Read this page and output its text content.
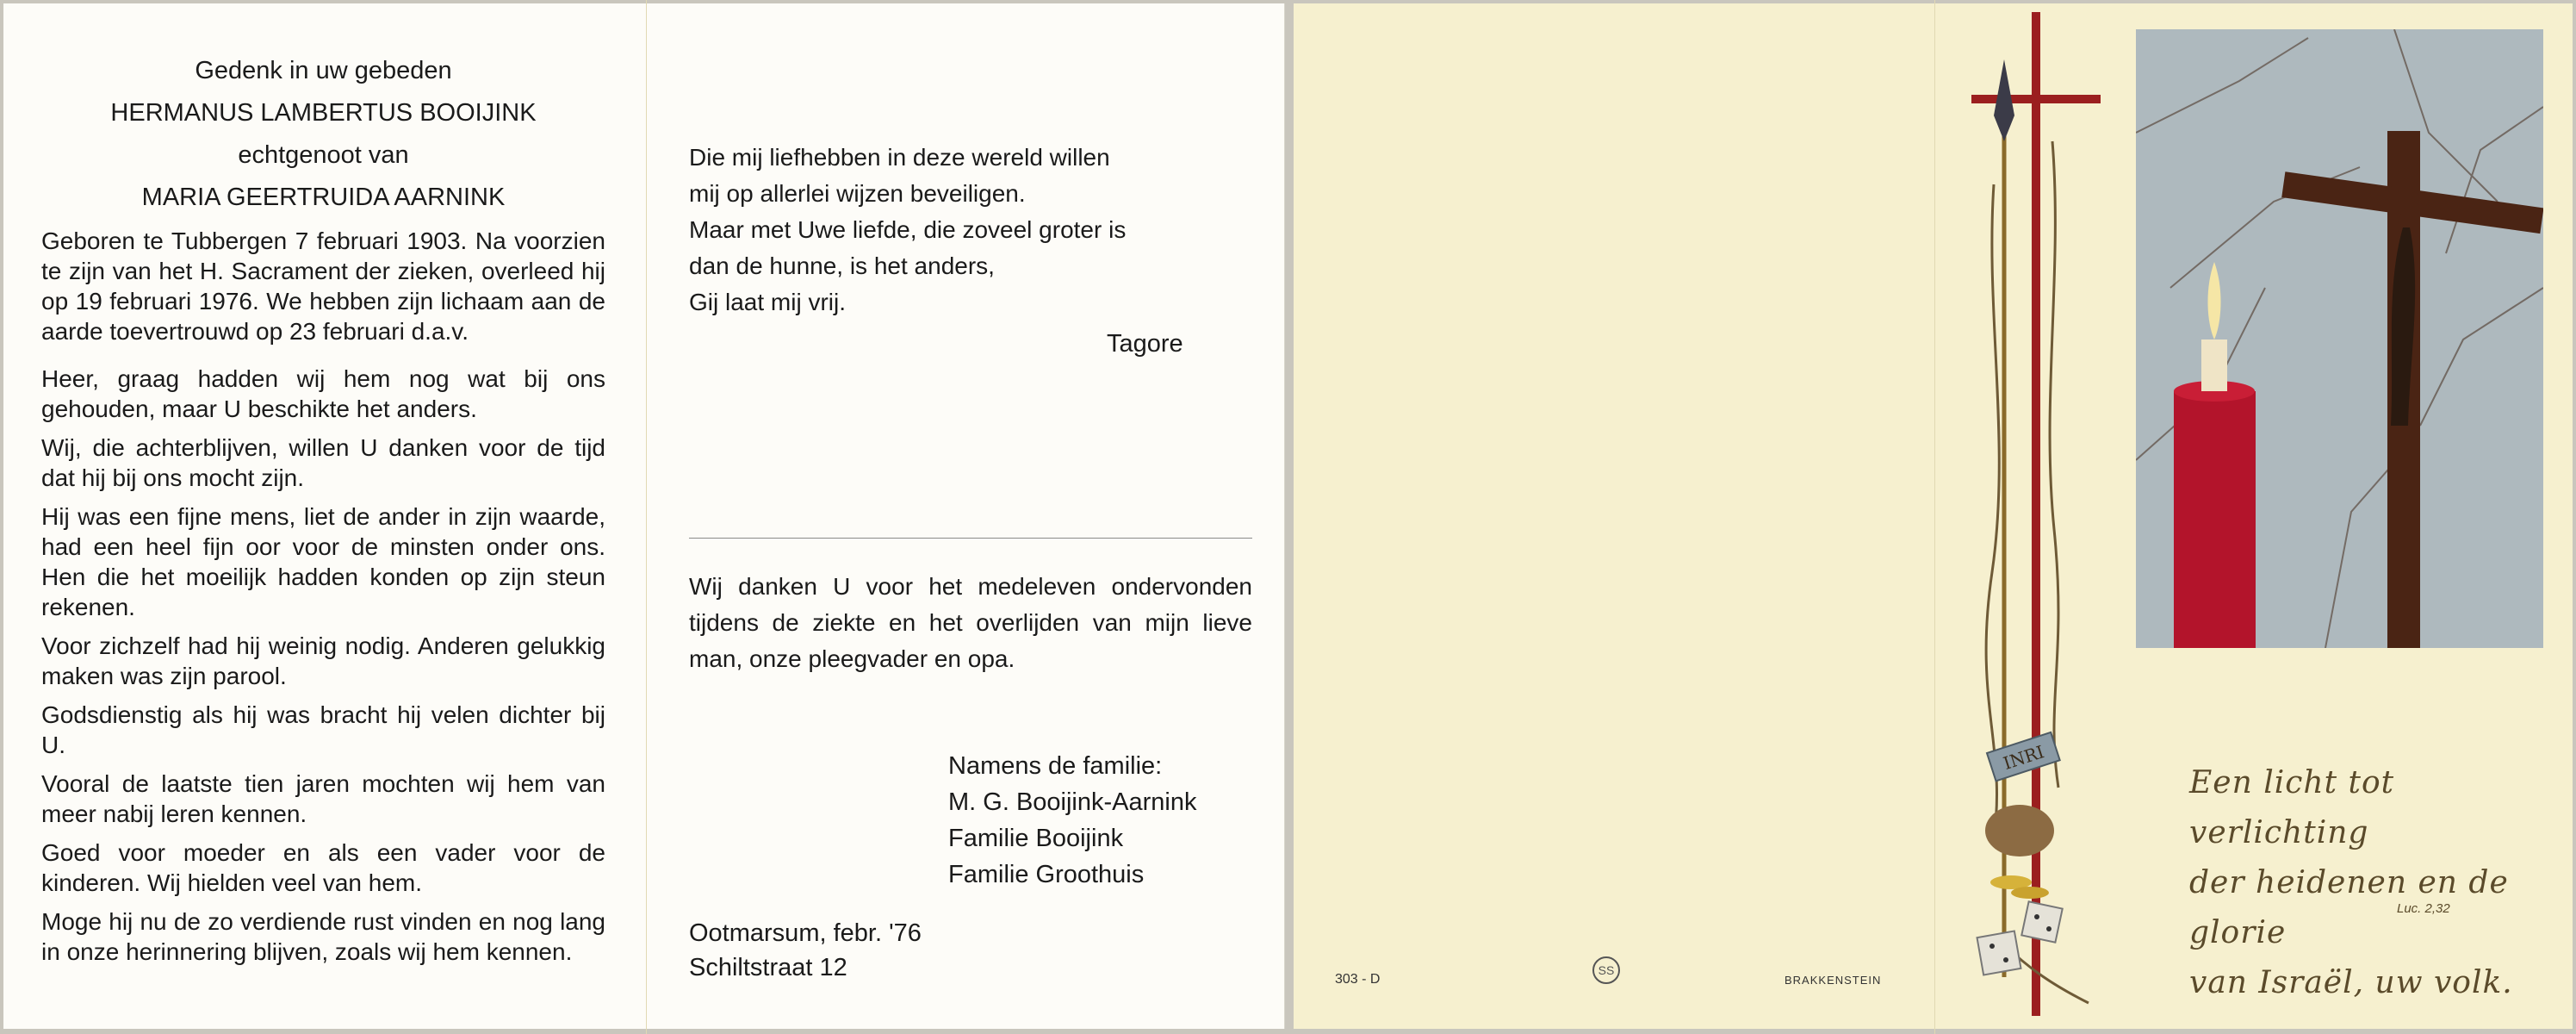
Gedenk in uw gebeden
HERMANUS LAMBERTUS BOOIJINK
echtgenoot van
MARIA GEERTRUIDA AARNINK

Geboren te Tubbergen 7 februari 1903. Na voorzien te zijn van het H. Sacrament der zieken, overleed hij op 19 februari 1976. We hebben zijn lichaam aan de aarde toevertrouwd op 23 februari d.a.v.

Heer, graag hadden wij hem nog wat bij ons gehouden, maar U beschikte het anders.

Wij, die achterblijven, willen U danken voor de tijd dat hij bij ons mocht zijn.

Hij was een fijne mens, liet de ander in zijn waarde, had een heel fijn oor voor de minsten onder ons. Hen die het moeilijk hadden konden op zijn steun rekenen.

Voor zichzelf had hij weinig nodig. Anderen gelukkig maken was zijn parool.

Godsdienstig als hij was bracht hij velen dichter bij U.

Vooral de laatste tien jaren mochten wij hem van meer nabij leren kennen.

Goed voor moeder en als een vader voor de kinderen. Wij hielden veel van hem.

Moge hij nu de zo verdiende rust vinden en nog lang in onze herinnering blijven, zoals wij hem kennen.

Die mij liefhebben in deze wereld willen

mij op allerlei wijzen beveiligen.

Maar met Uwe liefde, die zoveel groter is

dan de hunne, is het anders,

Gij laat mij vrij.

Tagore
Wij danken U voor het medeleven ondervonden tijdens de ziekte en het overlijden van mijn lieve man, onze pleegvader en opa.
Namens de familie:
M. G. Booijink-Aarnink
Familie Booijink
Familie Groothuis
Ootmarsum, febr. '76
Schiltstraat 12	303 - D
SS
BRAKKENSTEIN
INRI
Een licht tot verlichting
der heidenen en de glorie
van Israël, uw volk.
Luc. 2,32
